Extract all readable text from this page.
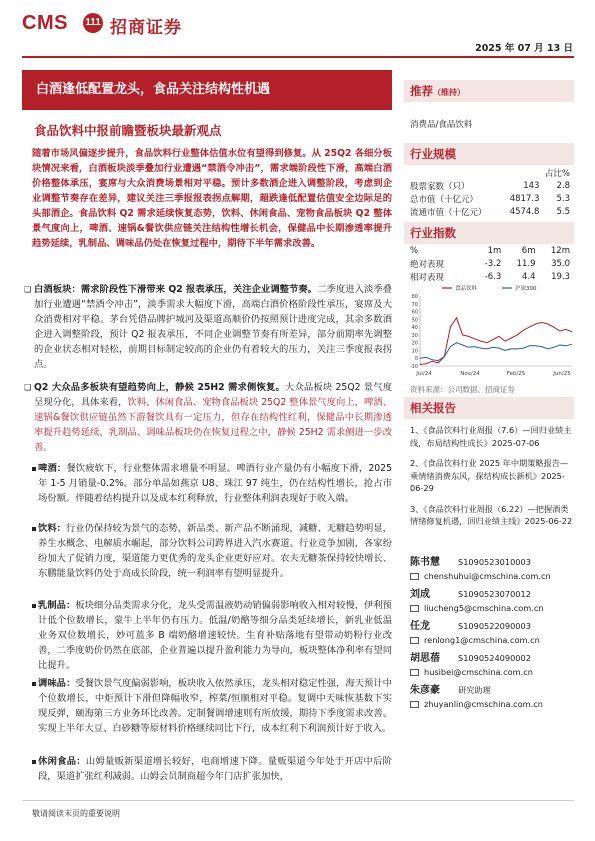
CMS 111 招商证券
2025 年 07 月 13 日
白酒逢低配置龙头，食品关注结构性机遇
食品饮料中报前瞻暨板块最新观点
随着市场风偏逐步提升，食品饮料行业整体估值水位有望得到修复。从 25Q2 各细分板块情况来看，白酒板块淡季叠加行业遭遇“禁酒令冲击”，需求端阶段性下滑，高端白酒价格整体承压，宴席与大众消费场景相对平稳。预计多数酒企进入调整阶段，考虑到企业调整节奏存在差异，建议关注三季报报表拐点解期，超跌逢低配置估值安全边际足的头部酒企。食品饮料 Q2 需求延续恢复态势，饮料、休闲食品、宠物食品板块 Q2 整体景气度向上，啤酒、速锅&餐饮供应链关注结构性增长机会，保健品中长期渗透率提升趋势延续，乳制品、调味品仍处在恢复过程中，期待下半年需求改善。
❑ 白酒板块：需求阶段性下滑带来 Q2 报表承压，关注企业调整节奏。二季度进入淡季叠加行业遭遇“禁酒令冲击”，淡季需求大幅度下滑，高端白酒价格阶段性承压，宴席及大众消费相对平稳。茅台凭借品牌护城河及渠道高顺价仍按照预计进度完成，其余多数酒企进入调整阶段，预计 Q2 报表承压，不同企业调整节奏有所差异，部分前期率先调整的企业状态相对轻松，前期目标制定较高的企业仍有着较大的压力，关注三季度报表拐点。
❑ Q2 大众品多板块有望趋势向上，静候 25H2 需求侧恢复。大众品板块 25Q2 景气度呈现分化，具体来看，饮料、休闲食品、宠物食品板块 25Q2 整体景气度向上，啤酒、速锅&餐饮供应链虽然下游餐饮具有一定压力，但存在结构性红利，保健品中长期渗透率提升趋势延续，乳制品、调味品板块仍在恢复过程之中，静候 25H2 需求侧进一步改善。
啤酒：餐饮疲软下，行业整体需求增量不明显。啤酒行业产量仍有小幅度下滑，2025 年 1-5 月销量-0.2%。部分单品如燕京 U8、珠江 97 纯生，仍在结构性增长，抢占市场份额。伴随着结构提升以及成本红利释放，行业整体利润表现好于收入端。
饮料：行业仍保持较为景气的态势，新品类、新产品不断涌现，减糖、无糖趋势明显，养生水概念、电解质水崛起，部分饮料公司跨界进入汽水赛道。行业竞争加剧，各家纷纷加大了促销力度，渠道能力更优秀的龙头企业更好应对。农夫无糖茶保持较快增长、东鹏能量饮料仍处于高成长阶段，统一利润率有望明显提升。
乳制品：板块细分品类需求分化，龙头受需温液奶动销偏弱影响收入相对较慢，伊利预计低个位数增长，蒙牛上半年仍有压力。低温/奶酪等细分品类延续增长，新乳业低温业务双位数增长，妙可蓝多 B 端奶酪增速较快。生育补贴落地有望带动奶粉行业改善，二季度奶价仍然在底部，企业普遍以提升盈利能力为导向，板块整体净利率有望同比提升。
调味品：受餐饮景气度偏弱影响，板块收入依然承压，龙头相对稳定性强，海天预计中个位数增长，中炬预计下滑但降幅收窄，榨菜/恒顺相对平稳。复调中天味恢基数下实现反弹，颐海第三方业务环比改善。定制餐调增速则有所放缓，期待下季度需求改善。实现上半年大豆、白砂糖等原材料价格继续同比下行，成本红利下利润预计好于收入。
休闲食品：山姆量贩新渠道增长较好，电商增速下降。量贩渠道今年处于开店中后阶段，渠道扩张红利减弱。山姆会员制商超今年门店扩张加快，
敬请阅读末页的重要说明
推荐（维持）
消费品/食品饮料
行业规模
		占比%
股票家数（只）	143	2.8
总市值（十亿元）	4817.3	5.3
流通市值（十亿元）	4574.8	5.5
行业指数
%	1m	6m	12m
绝对表现	-3.2	11.9	35.0
相对表现	-6.3	4.4	19.3
-10
0
10
20
30
40
50
60
70
80
Jul/24	Nov/24	Feb/25	Jun/25
食品饮料	沪深300
资料来源：公司数据、招商证券
相关报告
1、《食品饮料行业周报（7.6）—回归业绩主线，布局结构性成长》2025-07-06
2、《食品饮料行业 2025 年中期策略报告—乘情绪消费东风，探结构成长新机》2025-06-29
3、《食品饮料行业周报（6.22）—把握酒类情绪修复机遇，回归业绩主线》2025-06-22
陈书慧 S1090523010003
chenshuhui@cmschina.com.cn
刘成	S1090523070012
liucheng5@cmschina.com.cn
任龙	S1090522090003
renlong1@cmschina.com.cn
胡思蓓 S1090524090002
husibei@cmschina.com.cn
朱彦豪 研究助理
zhuyanlin@cmschina.com.cn
